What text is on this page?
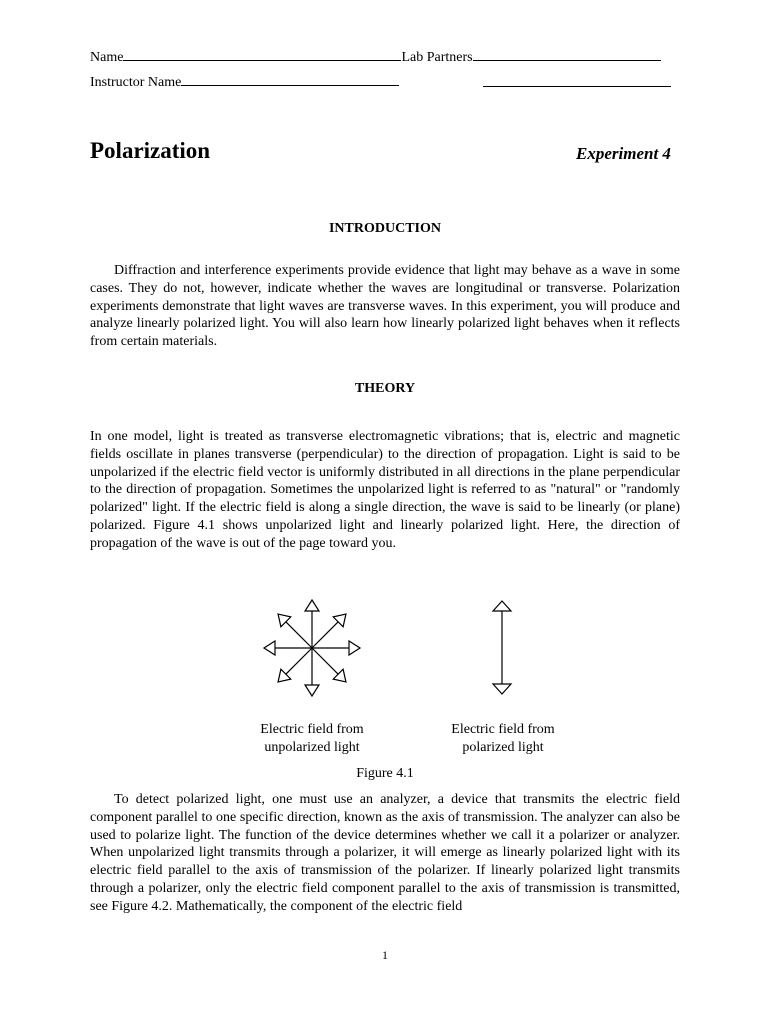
Name	Lab Partners
Instructor Name
Polarization	Experiment 4
INTRODUCTION
Diffraction and interference experiments provide evidence that light may behave as a wave in some cases. They do not, however, indicate whether the waves are longitudinal or transverse. Polarization experiments demonstrate that light waves are transverse waves. In this experiment, you will produce and analyze linearly polarized light. You will also learn how linearly polarized light behaves when it reflects from certain materials.
THEORY
In one model, light is treated as transverse electromagnetic vibrations; that is, electric and magnetic fields oscillate in planes transverse (perpendicular) to the direction of propagation. Light is said to be unpolarized if the electric field vector is uniformly distributed in all directions in the plane perpendicular to the direction of propagation. Sometimes the unpolarized light is referred to as "natural" or "randomly polarized" light. If the electric field is along a single direction, the wave is said to be linearly (or plane) polarized. Figure 4.1 shows unpolarized light and linearly polarized light. Here, the direction of propagation of the wave is out of the page toward you.
Electric field from
unpolarized light
Electric field from
polarized light
Figure 4.1
To detect polarized light, one must use an analyzer, a device that transmits the electric field component parallel to one specific direction, known as the axis of transmission. The analyzer can also be used to polarize light. The function of the device determines whether we call it a polarizer or analyzer. When unpolarized light transmits through a polarizer, it will emerge as linearly polarized light with its electric field parallel to the axis of transmission of the polarizer. If linearly polarized light transmits through a polarizer, only the electric field component parallel to the axis of transmission is transmitted, see Figure 4.2. Mathematically, the component of the electric field
1
